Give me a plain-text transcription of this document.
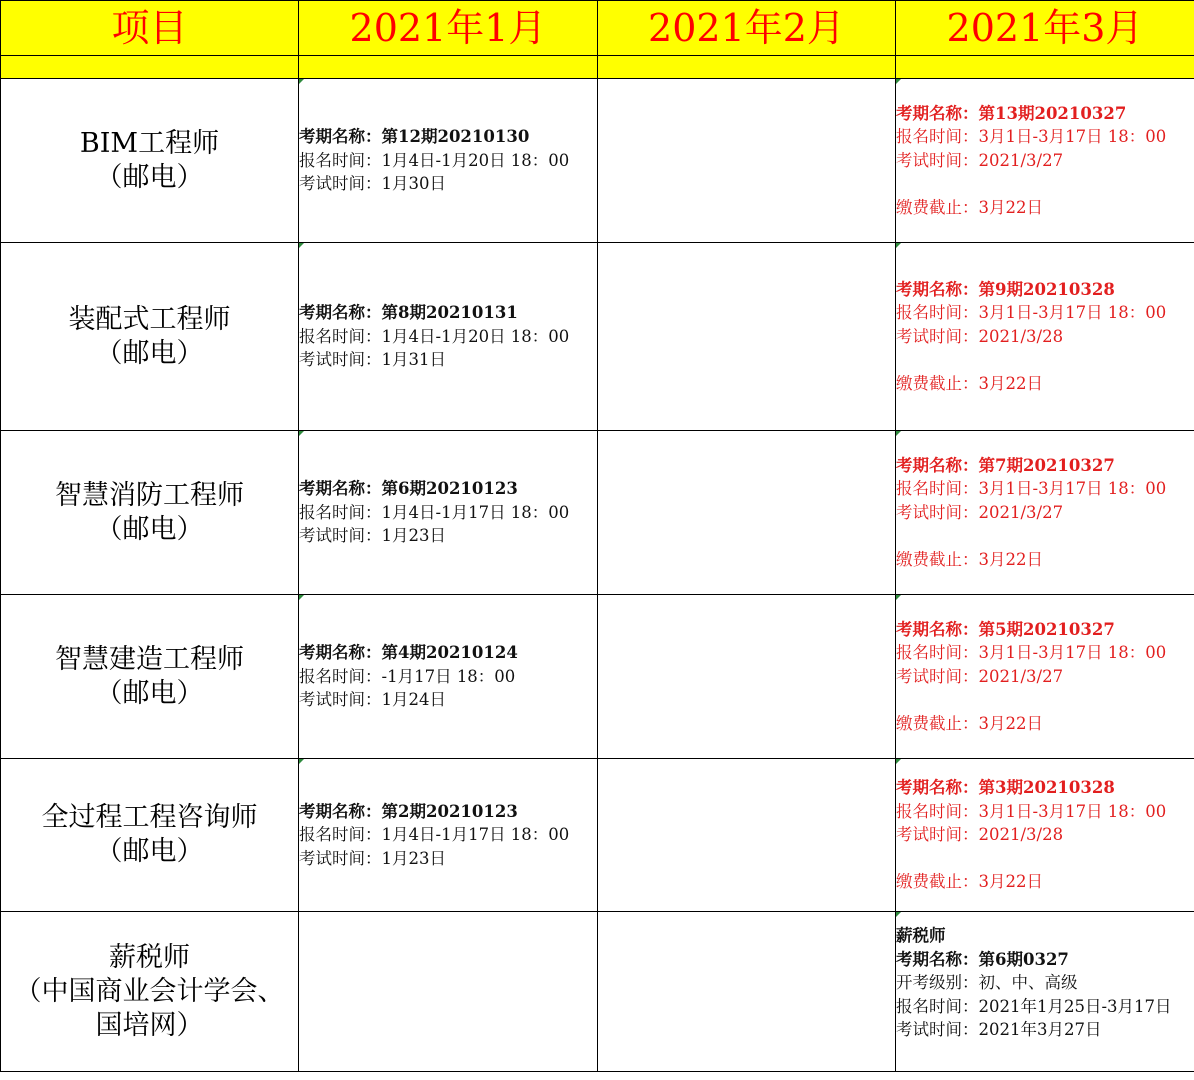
项目	2021年1月	2021年2月	2021年3月

BIM工程师
（邮电）	考期名称：第12期20210130
报名时间：1月4日-1月20日 18：00
考试时间：1月30日		考期名称：第13期20210327
报名时间：3月1日-3月17日 18：00
考试时间：2021/3/27
缴费截止：3月22日

装配式工程师
（邮电）	考期名称：第8期20210131
报名时间：1月4日-1月20日 18：00
考试时间：1月31日		考期名称：第9期20210328
报名时间：3月1日-3月17日 18：00
考试时间：2021/3/28
缴费截止：3月22日

智慧消防工程师
（邮电）	考期名称：第6期20210123
报名时间：1月4日-1月17日 18：00
考试时间：1月23日		考期名称：第7期20210327
报名时间：3月1日-3月17日 18：00
考试时间：2021/3/27
缴费截止：3月22日

智慧建造工程师
（邮电）	考期名称：第4期20210124
报名时间：-1月17日 18：00
考试时间：1月24日		考期名称：第5期20210327
报名时间：3月1日-3月17日 18：00
考试时间：2021/3/27
缴费截止：3月22日

全过程工程咨询师
（邮电）	考期名称：第2期20210123
报名时间：1月4日-1月17日 18：00
考试时间：1月23日		考期名称：第3期20210328
报名时间：3月1日-3月17日 18：00
考试时间：2021/3/28
缴费截止：3月22日

薪税师
（中国商业会计学会、
国培网）			薪税师
考期名称：第6期0327
开考级别：初、中、高级
报名时间：2021年1月25日-3月17日
考试时间：2021年3月27日
